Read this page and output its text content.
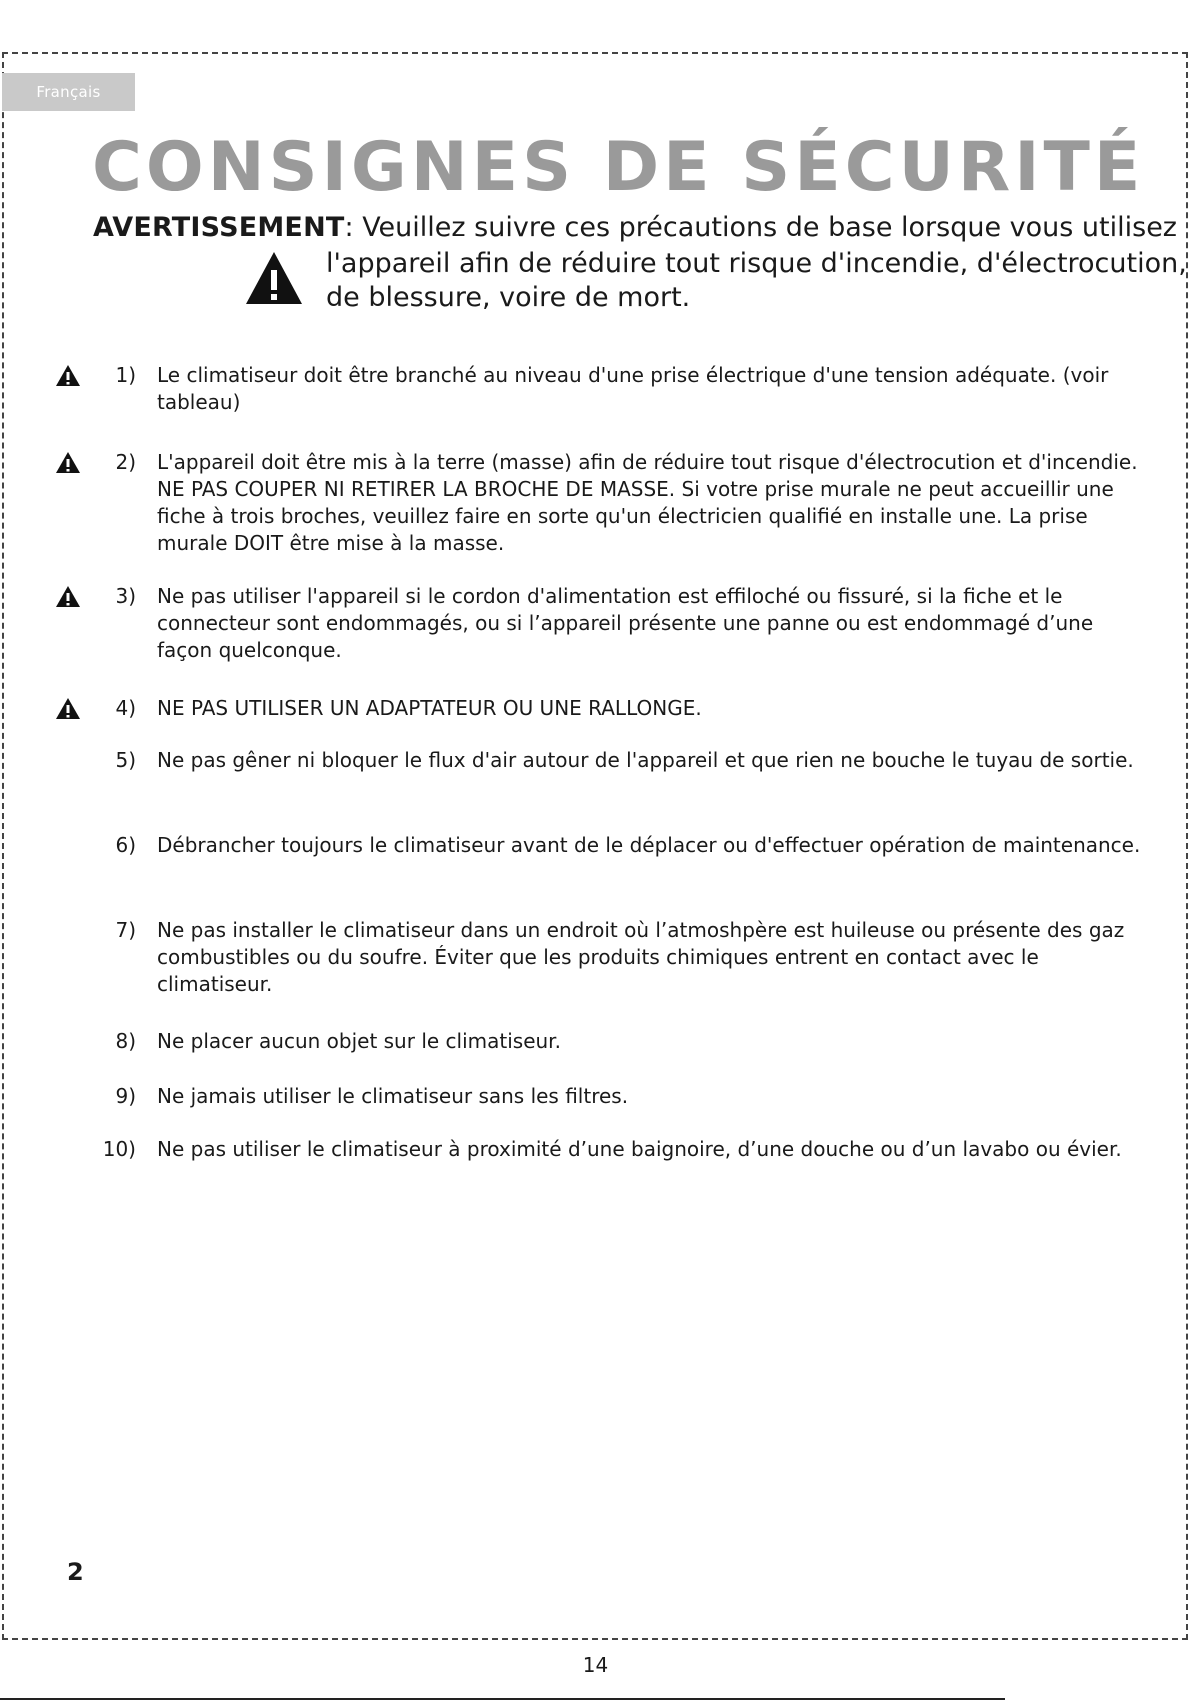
Français
CONSIGNES DE SÉCURITÉ
AVERTISSEMENT: Veuillez suivre ces précautions de base lorsque vous utilisez
l'appareil afin de réduire tout risque d'incendie, d'électrocution,
de blessure, voire de mort.
1) Le climatiseur doit être branché au niveau d'une prise électrique d'une tension adéquate. (voir tableau)
2) L'appareil doit être mis à la terre (masse) afin de réduire tout risque d'électrocution et d'incendie. NE PAS COUPER NI RETIRER LA BROCHE DE MASSE. Si votre prise murale ne peut accueillir une fiche à trois broches, veuillez faire en sorte qu'un électricien qualifié en installe une. La prise murale DOIT être mise à la masse.
3) Ne pas utiliser l'appareil si le cordon d'alimentation est effiloché ou fissuré, si la fiche et le connecteur sont endommagés, ou si l’appareil présente une panne ou est endommagé d’une façon quelconque.
4) NE PAS UTILISER UN ADAPTATEUR OU UNE RALLONGE.
5) Ne pas gêner ni bloquer le flux d'air autour de l'appareil et que rien ne bouche le tuyau de sortie.
6) Débrancher toujours le climatiseur avant de le déplacer ou d'effectuer opération de maintenance.
7) Ne pas installer le climatiseur dans un endroit où l’atmoshpère est huileuse ou présente des gaz combustibles ou du soufre. Éviter que les produits chimiques entrent en contact avec le climatiseur.
8) Ne placer aucun objet sur le climatiseur.
9) Ne jamais utiliser le climatiseur sans les filtres.
10) Ne pas utiliser le climatiseur à proximité d’une baignoire, d’une douche ou d’un lavabo ou évier.
2
14
